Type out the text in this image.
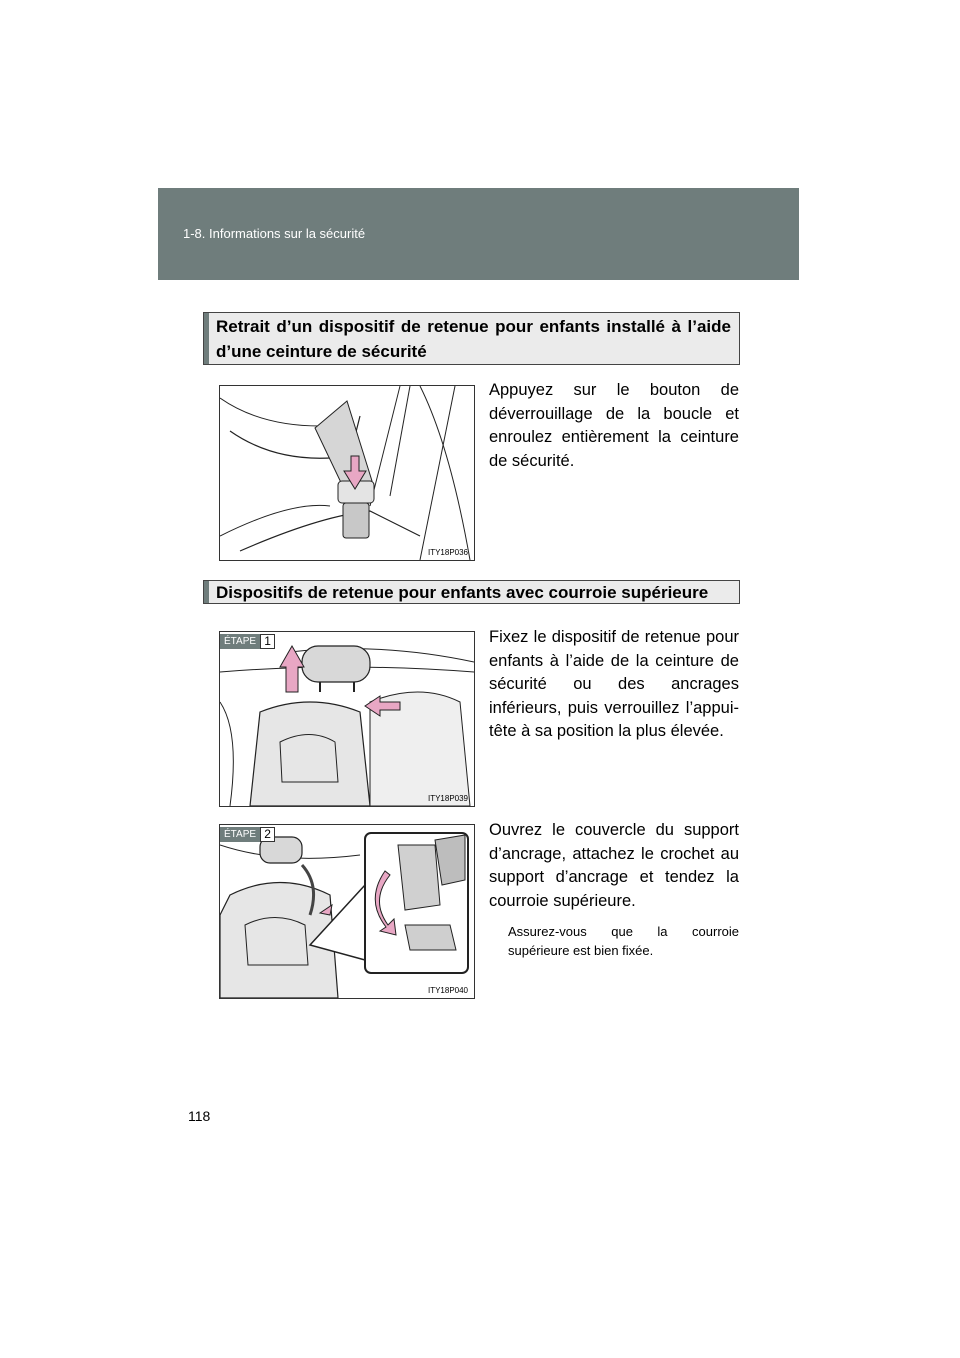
1-8. Informations sur la sécurité
Retrait d’un dispositif de retenue pour enfants installé à l’aide d’une ceinture de sécurité
ITY18P036
Appuyez sur le bouton de déverrouillage de la boucle et enroulez entièrement la ceinture de sécurité.
Dispositifs de retenue pour enfants avec courroie supérieure
ÉTAPE 1
ITY18P039
Fixez le dispositif de retenue pour enfants à l’aide de la ceinture de sécurité ou des ancrages inférieurs, puis verrouillez l’appui-tête à sa position la plus élevée.
ÉTAPE 2
ITY18P040
Ouvrez le couvercle du support d’ancrage, attachez le crochet au support d’ancrage et tendez la courroie supérieure.
Assurez-vous que la courroie supérieure est bien fixée.
118
